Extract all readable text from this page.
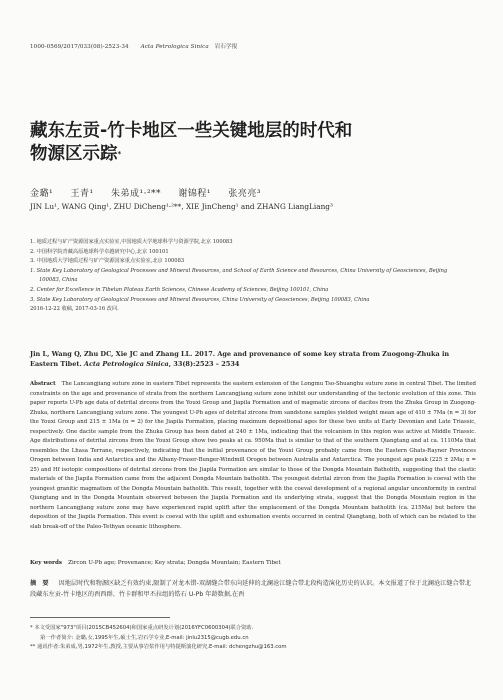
1000-0569/2017/033(08)-2523-34 Acta Petrologica Sinica 岩石学报
藏东左贡-竹卡地区一些关键地层的时代和
物源区示踪*
金璐¹ 王青¹ 朱弟成¹·²** 谢锦程¹ 张亮亮³
JIN Lu¹, WANG Qing¹, ZHU DiCheng¹·²**, XIE JinCheng¹ and ZHANG LiangLiang³
1. 地质过程与矿产资源国家重点实验室,中国地质大学地球科学与资源学院,北京 100083
2. 中国科学院青藏高原地球科学卓越研究中心,北京 100101
3. 中国地质大学地质过程与矿产资源国家重点实验室,北京 100083
1. State Key Laboratory of Geological Processes and Mineral Resources, and School of Earth Science and Resources, China University of Geosciences, Beijing
100083, China
2. Center for Excellence in Tibetan Plateau Earth Sciences, Chinese Academy of Sciences, Beijing 100101, China
3. State Key Laboratory of Geological Processes and Mineral Resources, China University of Geosciences, Beijing 100083, China
2016-12-22 收稿, 2017-03-16 改回.
Jin L, Wang Q, Zhu DC, Xie JC and Zhang LL. 2017. Age and provenance of some key strata from Zuogong-Zhuka in Eastern Tibet. Acta Petrologica Sinica, 33(8):2523 – 2534
Abstract The Lancangjiang suture zone in eastern Tibet represents the eastern extension of the Longmu Tso-Shuanghu suture zone in central Tibet. The limited constraints on the age and provenance of strata from the northern Lancangjiang suture zone inhibit our understanding of the tectonic evolution of this zone. This paper reports U-Pb age data of detrital zircons from the Youxi Group and Jiapila Formation and of magmatic zircons of dacites from the Zhuka Group in Zuogong-Zhuka, northern Lancangjiang suture zone. The youngest U-Pb ages of detrital zircons from sandstone samples yielded weight mean age of 410 ± 7Ma (n = 3) for the Youxi Group and 215 ± 1Ma (n = 2) for the Jiapila Formation, placing maximum depositional ages for these two units at Early Devonian and Late Triassic, respectively. One dacite sample from the Zhuka Group has been dated at 240 ± 1Ma, indicating that the volcanism in this region was active at Middle Triassic. Age distributions of detrital zircons from the Youxi Group show two peaks at ca. 950Ma that is similar to that of the southern Qiangtang and at ca. 1110Ma that resembles the Lhasa Terrane, respectively, indicating that the initial provenance of the Youxi Group probably came from the Eastern Ghats-Rayner Provinces Orogen between India and Antarctica and the Albany-Fraser-Bunger-Windmill Orogen between Australia and Antarctica. The youngest age peak (225 ± 2Ma; n = 25) and Hf isotopic compositions of detrital zircons from the Jiapila Formation are similar to those of the Dongda Mountain Batholith, suggesting that the clastic materials of the Jiapila Formation came from the adjacent Dongda Mountain batholith. The youngest detrital zircon from the Jiapila Formation is coeval with the youngest granitic magmatism of the Dongda Mountain batholith. This result, together with the coeval development of a regional angular unconformity in central Qiangtang and in the Dongda Mountain observed between the Jiapila Formation and its underlying strata, suggest that the Dongda Mountain region in the northern Lancangjiang suture zone may have experienced rapid uplift after the emplacement of the Dongda Mountain batholith (ca. 215Ma) but before the deposition of the Jiapila Formation. This event is coeval with the uplift and exhumation events occurred in central Qiangtang, both of which can be related to the slab break-off of the Paleo-Tethyan oceanic lithosphere.
Key words Zircon U-Pb age; Provenance; Key strata; Dongda Mountain; Eastern Tibet
摘 要 因地层时代和物源区缺乏有效约束,限制了对龙木错-双湖缝合带东向延伸的北澜沧江缝合带北段构造演化历史的认识。本文报道了位于北澜沧江缝合带北段藏东左贡-竹卡地区的酉西群、竹卡群和甲丕拉组的锆石 U-Pb 年龄数据,在酉
* 本文受国家"973"项目(2015CB452604)和国家重点研发计划(2016YFC0600304)联合资助.
第一作者简介: 金璐,女,1995年生,硕士生,岩石学专业,E-mail: jinlu2315@cugb.edu.cn
** 通讯作者:朱弟成,男,1972年生,教授,主要从事岩浆作用与特提斯演化研究,E-mail: dchengzhu@163.com
